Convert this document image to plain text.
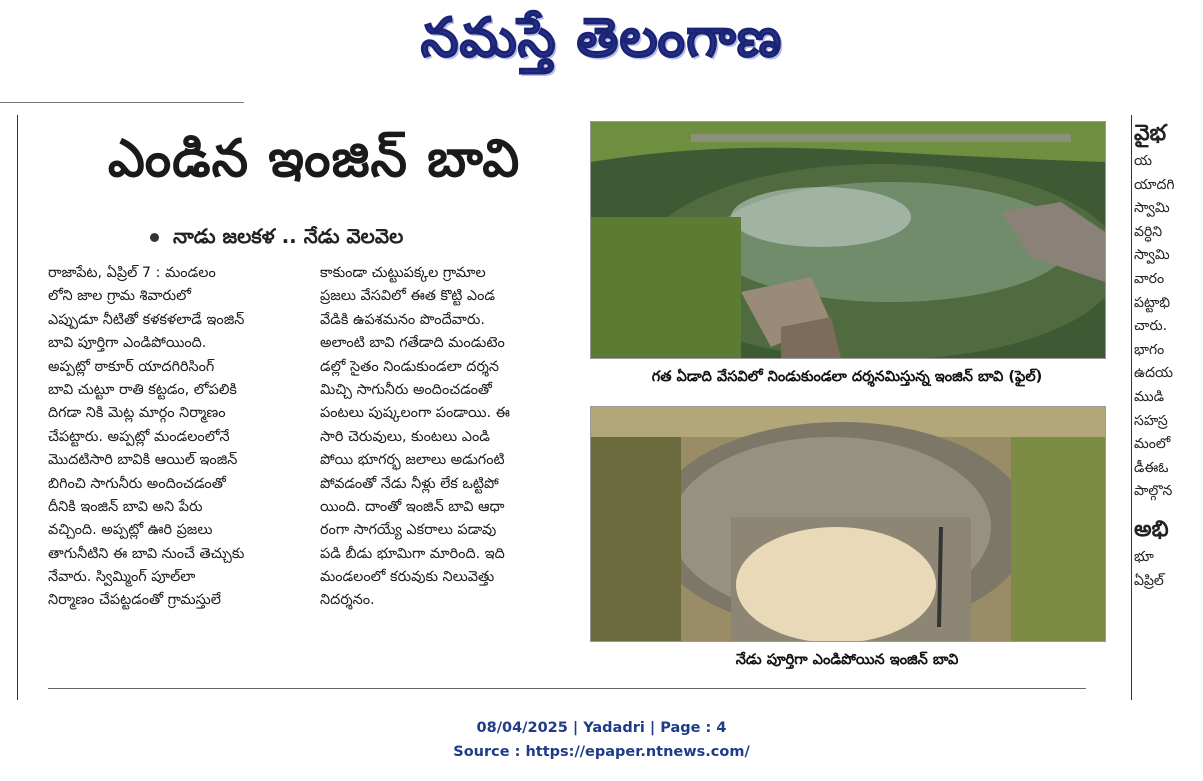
నమస్తే తెలంగాణ
ఎండిన ఇంజిన్ బావి
నాడు జలకళ .. నేడు వెలవెల
రాజాపేట, ఏప్రిల్ 7 : మండలం
లోని జాల గ్రామ శివారులో
ఎప్పుడూ నీటితో కళకళలాడే ఇంజిన్
బావి పూర్తిగా ఎండిపోయింది.
అప్పట్లో ఠాకూర్ యాదగిరిసింగ్
బావి చుట్టూ రాతి కట్టడం, లోపలికి
దిగడా నికి మెట్ల మార్గం నిర్మాణం
చేపట్టారు. అప్పట్లో మండలంలోనే
మొదటిసారి బావికి ఆయిల్ ఇంజిన్
బిగించి సాగునీరు అందించడంతో
దీనికి ఇంజిన్ బావి అని పేరు
వచ్చింది. అప్పట్లో ఊరి ప్రజలు
తాగునీటిని ఈ బావి నుంచే తెచ్చుకు
నేవారు. స్విమ్మింగ్ పూల్‌లా
నిర్మాణం చేపట్టడంతో గ్రామస్తులే
కాకుండా చుట్టుపక్కల గ్రామాల
ప్రజలు వేసవిలో ఈత కొట్టి ఎండ
వేడికి ఉపశమనం పొందేవారు.
అలాంటి బావి గతేడాది మండుటెం
డల్లో సైతం నిండుకుండలా దర్శన
మిచ్చి సాగునీరు అందించడంతో
పంటలు పుష్కలంగా పండాయి. ఈ
సారి చెరువులు, కుంటలు ఎండి
పోయి భూగర్భ జలాలు అడుగంటి
పోవడంతో నేడు నీళ్లు లేక ఒట్టిపో
యింది. దాంతో ఇంజిన్ బావి ఆధా
రంగా సాగయ్యే ఎకరాలు పడావు
పడి బీడు భూమిగా మారింది. ఇది
మండలంలో కరువుకు నిలువెత్తు
నిదర్శనం.
గత ఏడాది వేసవిలో నిండుకుండలా దర్శనమిస్తున్న ఇంజిన్ బావి (ఫైల్)
నేడు పూర్తిగా ఎండిపోయిన ఇంజిన్ బావి
వైభ
య
యాదగి
స్వామి
వర్ధిని
స్వామి
వారం
పట్టాభి
చారు.
భాగం
ఉదయ
ముడి
సహస్ర
మంలో
డీఈఓ
పాల్గొన
అభి
భూ
ఏప్రిల్
08/04/2025 | Yadadri | Page : 4
Source : https://epaper.ntnews.com/
